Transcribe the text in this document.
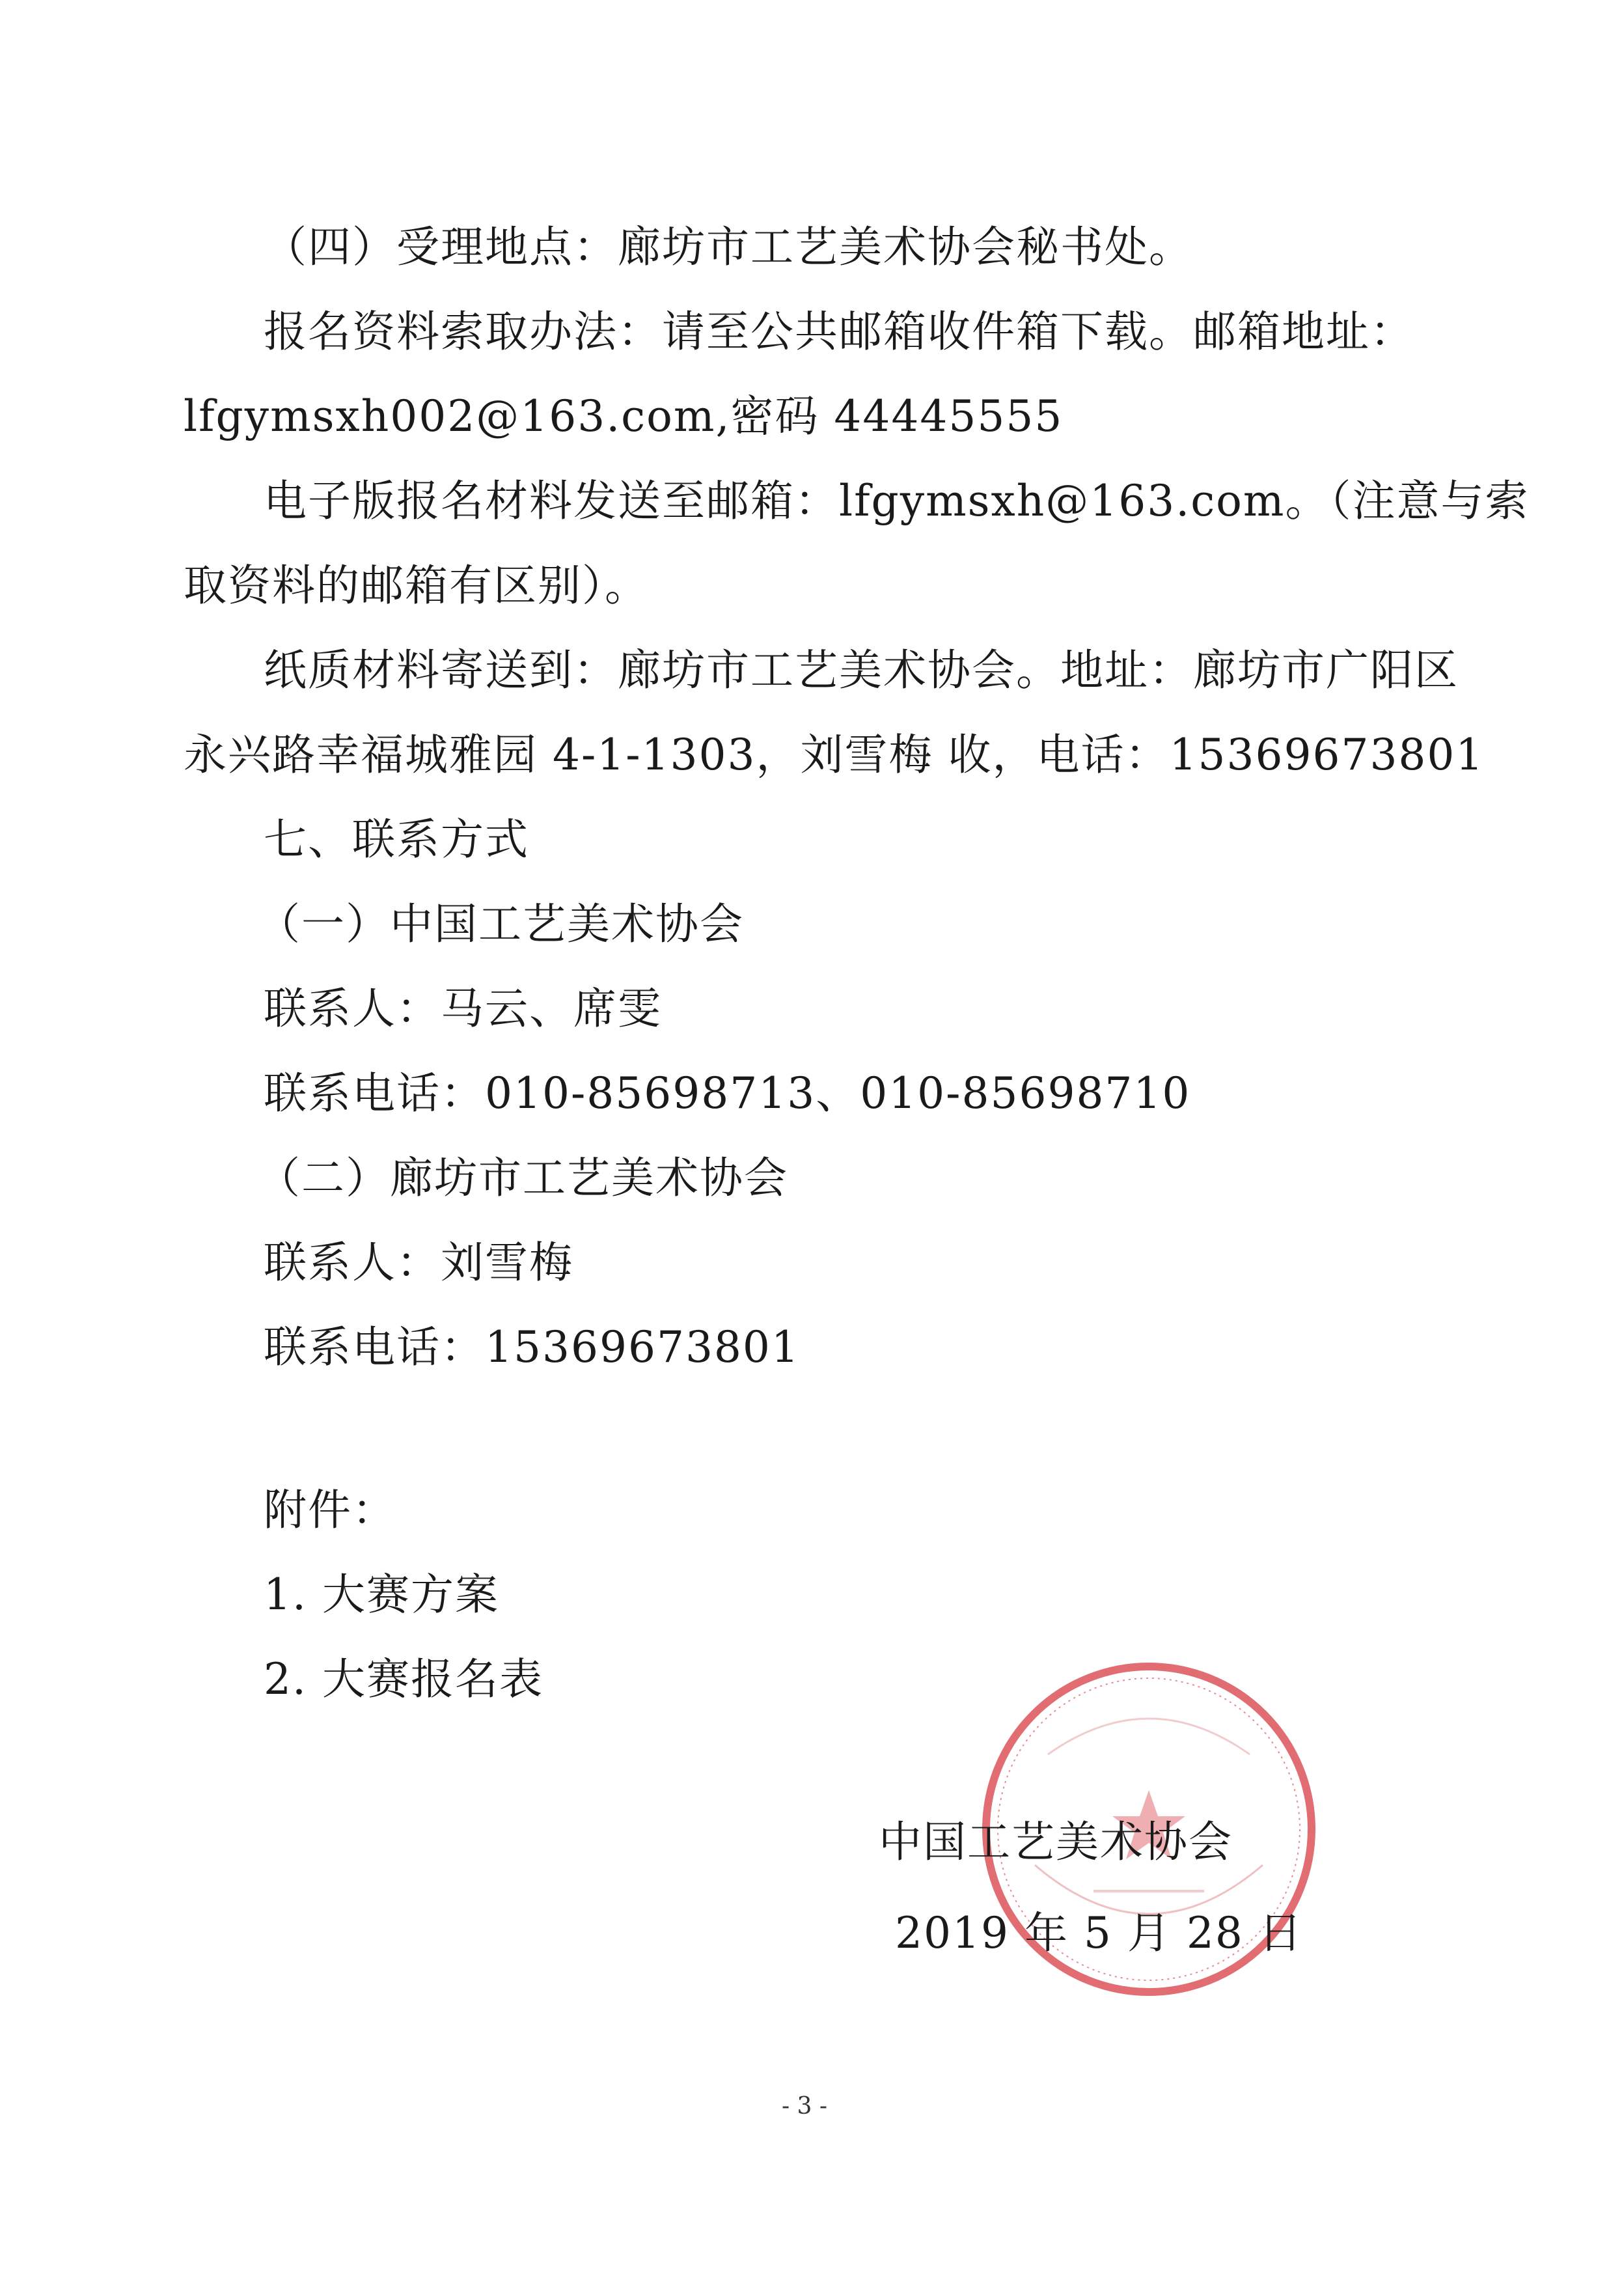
（四）受理地点：廊坊市工艺美术协会秘书处。
报名资料索取办法：请至公共邮箱收件箱下载。邮箱地址：
lfgymsxh002@163.com,密码 44445555
电子版报名材料发送至邮箱：lfgymsxh@163.com。（注意与索
取资料的邮箱有区别）。
纸质材料寄送到：廊坊市工艺美术协会。地址：廊坊市广阳区
永兴路幸福城雅园 4-1-1303，刘雪梅 收，电话：15369673801
七、联系方式
（一）中国工艺美术协会
联系人：马云、席雯
联系电话：010-85698713、010-85698710
（二）廊坊市工艺美术协会
联系人：刘雪梅
联系电话：15369673801
附件：
1. 大赛方案
2. 大赛报名表
中国工艺美术协会
2019 年 5 月 28 日
- 3 -
